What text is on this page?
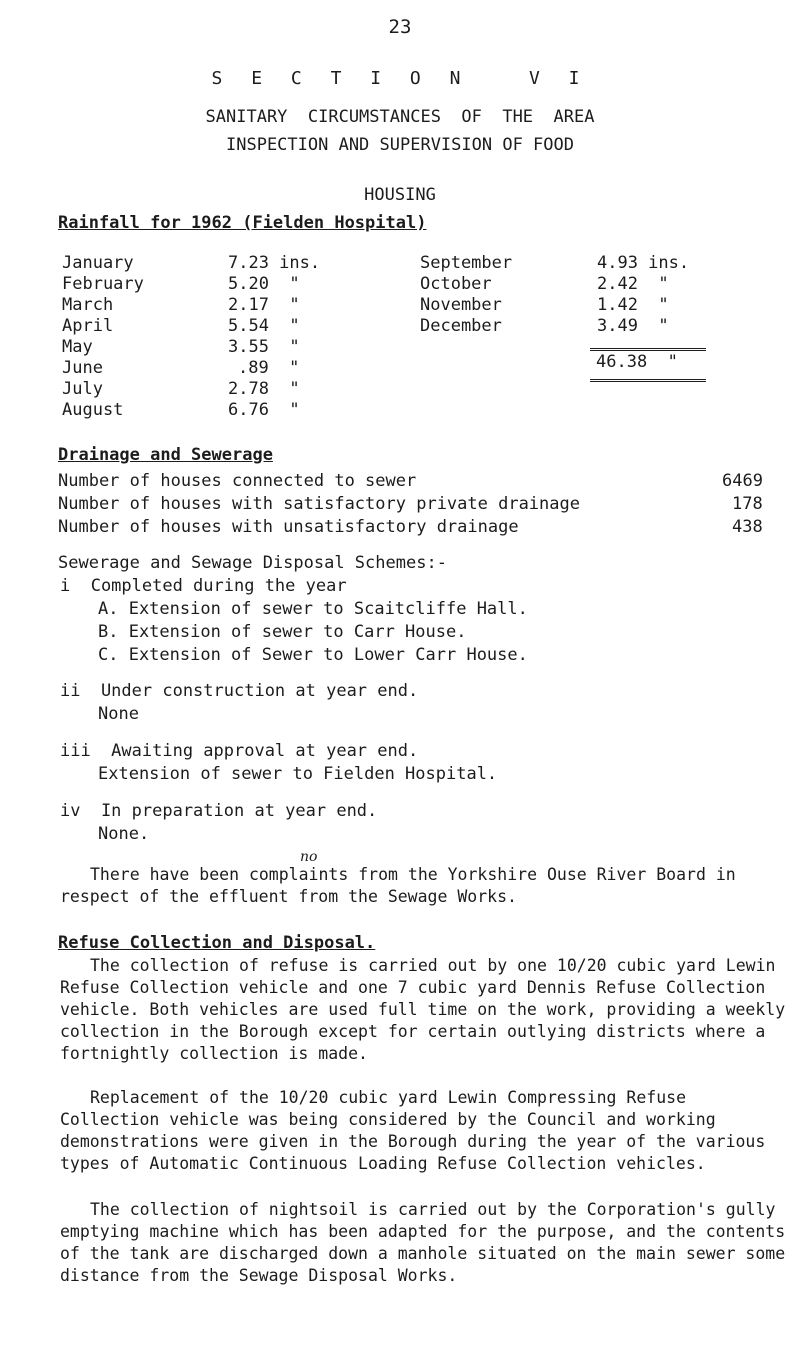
23
S E C T I O N   V I
SANITARY  CIRCUMSTANCES  OF  THE  AREA
INSPECTION AND SUPERVISION OF FOOD
HOUSING
Rainfall for 1962 (Fielden Hospital)
January	7.23 ins.
February	5.20  "
March	2.17  "
April	5.54  "
May	3.55  "
June	.89  "
July	2.78  "
August	6.76  "
September	4.93 ins.
October	2.42  "
November	1.42  "
December	3.49  "
46.38  "
Drainage and Sewerage
Number of houses connected to sewer	6469
Number of houses with satisfactory private drainage	178
Number of houses with unsatisfactory drainage	438
Sewerage and Sewage Disposal Schemes:-
i  Completed during the year
A. Extension of sewer to Scaitcliffe Hall.
B. Extension of sewer to Carr House.
C. Extension of Sewer to Lower Carr House.
ii  Under construction at year end.
None
iii  Awaiting approval at year end.
Extension of sewer to Fielden Hospital.
iv  In preparation at year end.
None.
no
There have been complaints from the Yorkshire Ouse River Board in respect of the effluent from the Sewage Works.
Refuse Collection and Disposal.
The collection of refuse is carried out by one 10/20 cubic yard Lewin Refuse Collection vehicle and one 7 cubic yard Dennis Refuse Collection vehicle. Both vehicles are used full time on the work, providing a weekly collection in the Borough except for certain outlying districts where a fortnightly collection is made.
Replacement of the 10/20 cubic yard Lewin Compressing Refuse Collection vehicle was being considered by the Council and working demonstrations were given in the Borough during the year of the various types of Automatic Continuous Loading Refuse Collection vehicles.
The collection of nightsoil is carried out by the Corporation's gully emptying machine which has been adapted for the purpose, and the contents of the tank are discharged down a manhole situated on the main sewer some distance from the Sewage Disposal Works.
